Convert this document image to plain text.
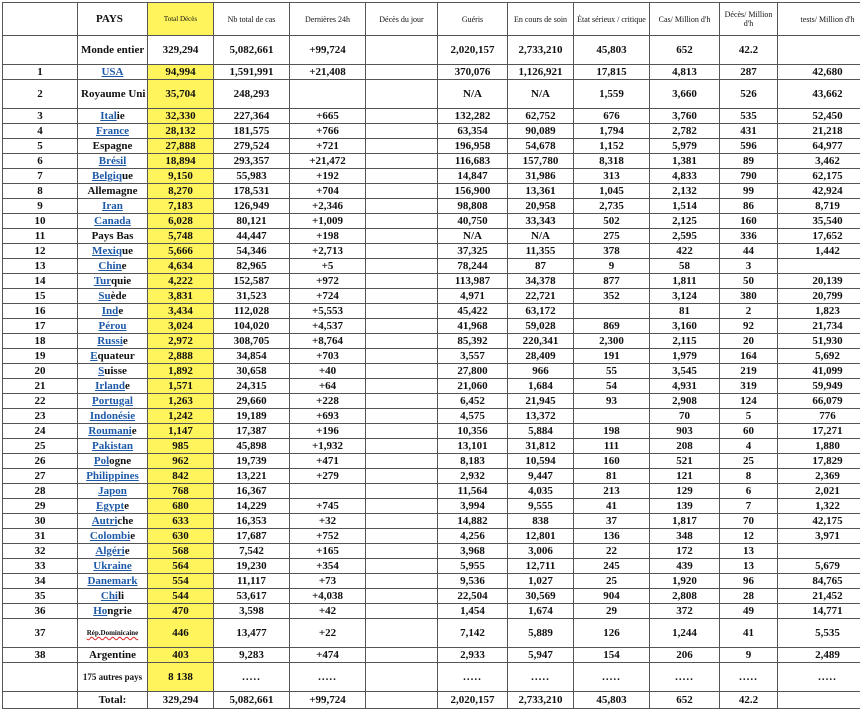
	PAYS	Total Décès	Nb total de cas	Dernières 24h	Décès du jour	Guéris	En cours de soin	État sérieux / critique	Cas/ Million d'h	Décès/ Million d'h	tests/ Million d'h
	Monde entier	329,294	5,082,661	+99,724		2,020,157	2,733,210	45,803	652	42.2	
1	USA	94,994	1,591,991	+21,408		370,076	1,126,921	17,815	4,813	287	42,680
2	Royaume Uni	35,704	248,293			N/A	N/A	1,559	3,660	526	43,662
3	Italie	32,330	227,364	+665		132,282	62,752	676	3,760	535	52,450
4	France	28,132	181,575	+766		63,354	90,089	1,794	2,782	431	21,218
5	Espagne	27,888	279,524	+721		196,958	54,678	1,152	5,979	596	64,977
6	Brésil	18,894	293,357	+21,472		116,683	157,780	8,318	1,381	89	3,462
7	Belgique	9,150	55,983	+192		14,847	31,986	313	4,833	790	62,175
8	Allemagne	8,270	178,531	+704		156,900	13,361	1,045	2,132	99	42,924
9	Iran	7,183	126,949	+2,346		98,808	20,958	2,735	1,514	86	8,719
10	Canada	6,028	80,121	+1,009		40,750	33,343	502	2,125	160	35,540
11	Pays Bas	5,748	44,447	+198		N/A	N/A	275	2,595	336	17,652
12	Mexique	5,666	54,346	+2,713		37,325	11,355	378	422	44	1,442
13	Chine	4,634	82,965	+5		78,244	87	9	58	3	
14	Turquie	4,222	152,587	+972		113,987	34,378	877	1,811	50	20,139
15	Suède	3,831	31,523	+724		4,971	22,721	352	3,124	380	20,799
16	Inde	3,434	112,028	+5,553		45,422	63,172		81	2	1,823
17	Pérou	3,024	104,020	+4,537		41,968	59,028	869	3,160	92	21,734
18	Russie	2,972	308,705	+8,764		85,392	220,341	2,300	2,115	20	51,930
19	Equateur	2,888	34,854	+703		3,557	28,409	191	1,979	164	5,692
20	Suisse	1,892	30,658	+40		27,800	966	55	3,545	219	41,099
21	Irlande	1,571	24,315	+64		21,060	1,684	54	4,931	319	59,949
22	Portugal	1,263	29,660	+228		6,452	21,945	93	2,908	124	66,079
23	Indonésie	1,242	19,189	+693		4,575	13,372		70	5	776
24	Roumanie	1,147	17,387	+196		10,356	5,884	198	903	60	17,271
25	Pakistan	985	45,898	+1,932		13,101	31,812	111	208	4	1,880
26	Pologne	962	19,739	+471		8,183	10,594	160	521	25	17,829
27	Philippines	842	13,221	+279		2,932	9,447	81	121	8	2,369
28	Japon	768	16,367			11,564	4,035	213	129	6	2,021
29	Egypte	680	14,229	+745		3,994	9,555	41	139	7	1,322
30	Autriche	633	16,353	+32		14,882	838	37	1,817	70	42,175
31	Colombie	630	17,687	+752		4,256	12,801	136	348	12	3,971
32	Algérie	568	7,542	+165		3,968	3,006	22	172	13	
33	Ukraine	564	19,230	+354		5,955	12,711	245	439	13	5,679
34	Danemark	554	11,117	+73		9,536	1,027	25	1,920	96	84,765
35	Chili	544	53,617	+4,038		22,504	30,569	904	2,808	28	21,452
36	Hongrie	470	3,598	+42		1,454	1,674	29	372	49	14,771
37	Rép.Dominicaine	446	13,477	+22		7,142	5,889	126	1,244	41	5,535
38	Argentine	403	9,283	+474		2,933	5,947	154	206	9	2,489
	175 autres pays	8 138	.....	.....		.....	.....	.....	.....	.....	.....
	Total:	329,294	5,082,661	+99,724		2,020,157	2,733,210	45,803	652	42.2	
